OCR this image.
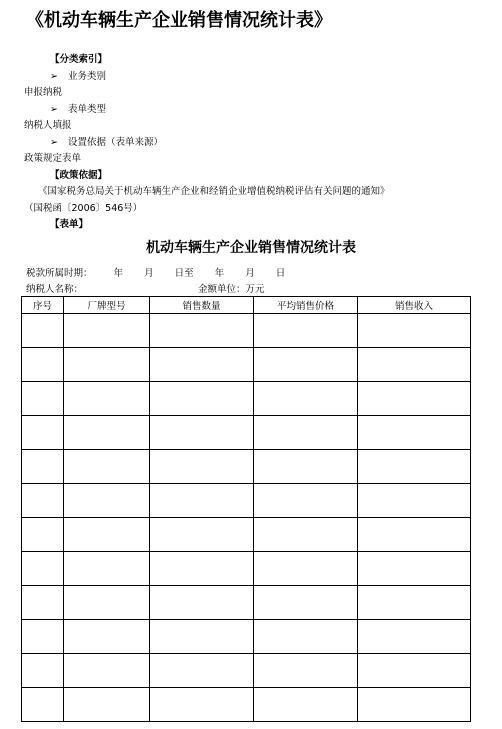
《机动车辆生产企业销售情况统计表》
【分类索引】
➢ 业务类别
申报纳税
➢ 表单类型
纳税人填报
➢ 设置依据（表单来源）
政策规定表单
【政策依据】
《国家税务总局关于机动车辆生产企业和经销企业增值税纳税评估有关问题的通知》
（国税函〔2006〕546号）
【表单】
机动车辆生产企业销售情况统计表
税款所属时期： 年 月 日至 年 月 日
纳税人名称：	金额单位：万元
序号	厂牌型号	销售数量	平均销售价格	销售收入
